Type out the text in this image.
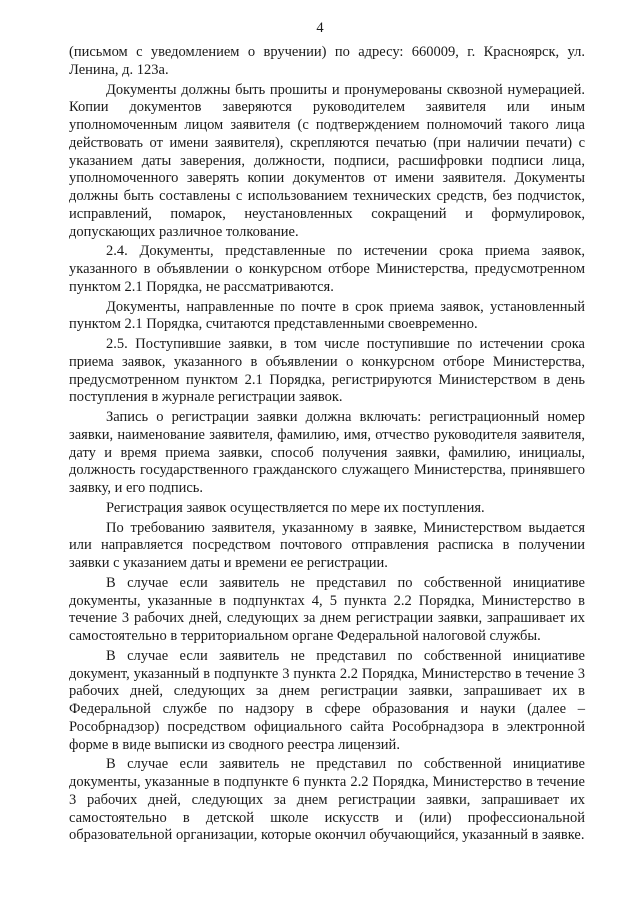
4

(письмом с уведомлением о вручении) по адресу: 660009, г. Красноярск, ул. Ленина, д. 123а.

Документы должны быть прошиты и пронумерованы сквозной нумерацией. Копии документов заверяются руководителем заявителя или иным уполномоченным лицом заявителя (с подтверждением полномочий такого лица действовать от имени заявителя), скрепляются печатью (при наличии печати) с указанием даты заверения, должности, подписи, расшифровки подписи лица, уполномоченного заверять копии документов от имени заявителя. Документы должны быть составлены с использованием технических средств, без подчисток, исправлений, помарок, неустановленных сокращений и формулировок, допускающих различное толкование.

2.4. Документы, представленные по истечении срока приема заявок, указанного в объявлении о конкурсном отборе Министерства, предусмотренном пунктом 2.1 Порядка, не рассматриваются.

Документы, направленные по почте в срок приема заявок, установленный пунктом 2.1 Порядка, считаются представленными своевременно.

2.5. Поступившие заявки, в том числе поступившие по истечении срока приема заявок, указанного в объявлении о конкурсном отборе Министерства, предусмотренном пунктом 2.1 Порядка, регистрируются Министерством в день поступления в журнале регистрации заявок.

Запись о регистрации заявки должна включать: регистрационный номер заявки, наименование заявителя, фамилию, имя, отчество руководителя заявителя, дату и время приема заявки, способ получения заявки, фамилию, инициалы, должность государственного гражданского служащего Министерства, принявшего заявку, и его подпись.

Регистрация заявок осуществляется по мере их поступления.

По требованию заявителя, указанному в заявке, Министерством выдается или направляется посредством почтового отправления расписка в получении заявки с указанием даты и времени ее регистрации.

В случае если заявитель не представил по собственной инициативе документы, указанные в подпунктах 4, 5 пункта 2.2 Порядка, Министерство в течение 3 рабочих дней, следующих за днем регистрации заявки, запрашивает их самостоятельно в территориальном органе Федеральной налоговой службы.

В случае если заявитель не представил по собственной инициативе документ, указанный в подпункте 3 пункта 2.2 Порядка, Министерство в течение 3 рабочих дней, следующих за днем регистрации заявки, запрашивает их в Федеральной службе по надзору в сфере образования и науки (далее – Рособрнадзор) посредством официального сайта Рособрнадзора в электронной форме в виде выписки из сводного реестра лицензий.

В случае если заявитель не представил по собственной инициативе документы, указанные в подпункте 6 пункта 2.2 Порядка, Министерство в течение 3 рабочих дней, следующих за днем регистрации заявки, запрашивает их самостоятельно в детской школе искусств и (или) профессиональной образовательной организации, которые окончил обучающийся, указанный в заявке.
